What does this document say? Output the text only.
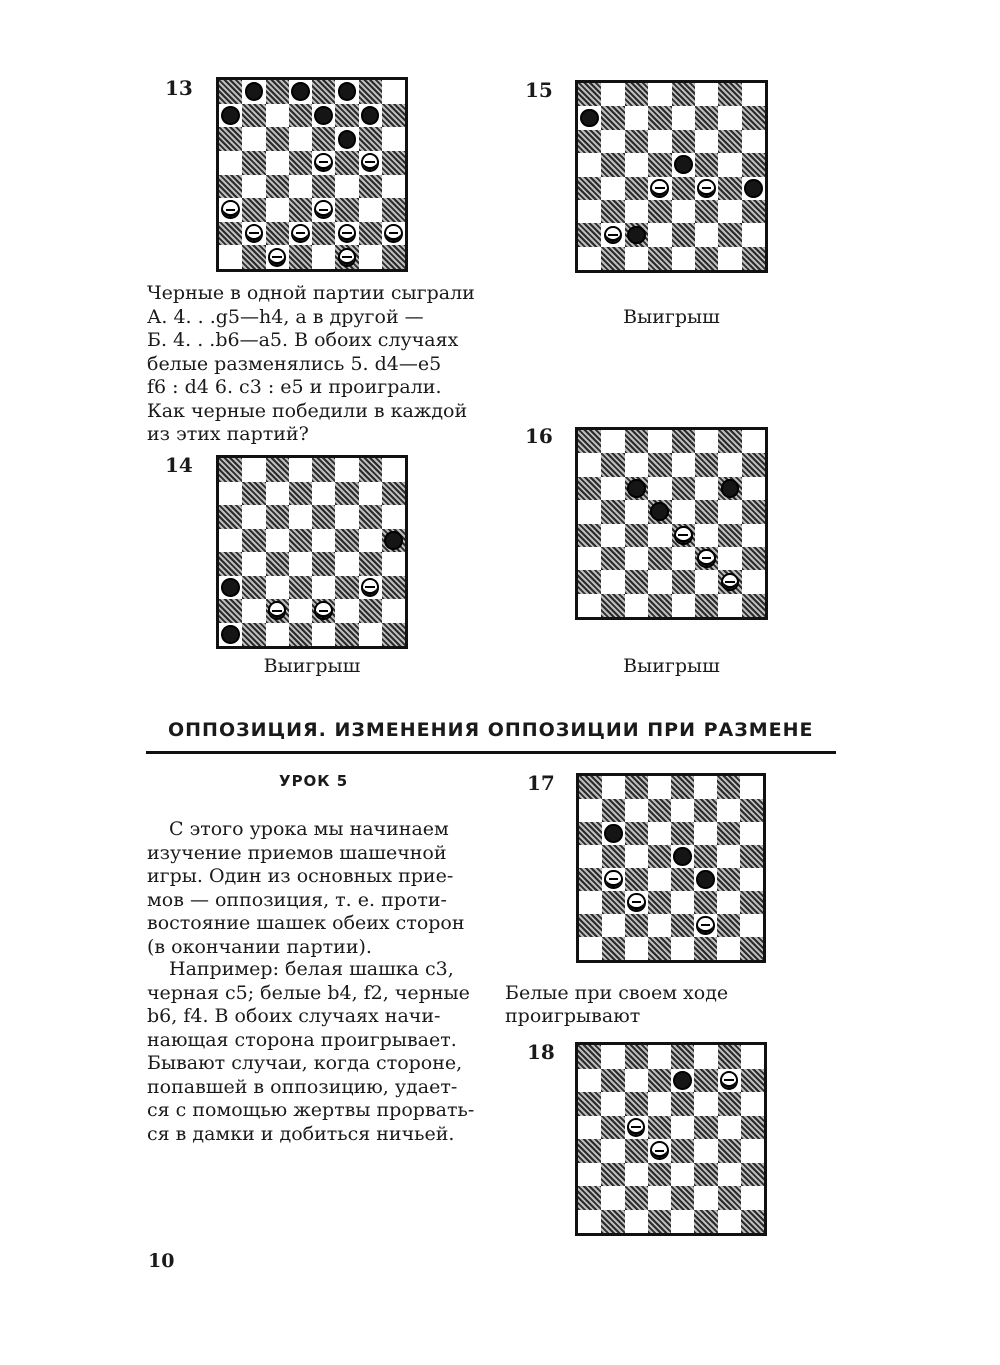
13	15
16
14
17
18
Черные в одной партии сыграли
А. 4. . .g5—h4, а в другой —
Б. 4. . .b6—a5. В обоих случаях
белые разменялись 5. d4—e5
f6 : d4 6. c3 : e5 и проиграли.
Как черные победили в каждой
из этих партий?
Выигрыш
Выигрыш	Выигрыш
Белые при своем ходе проигрывают
ОППОЗИЦИЯ. ИЗМЕНЕНИЯ ОППОЗИЦИИ ПРИ РАЗМЕНЕ
УРОК 5
С этого урока мы начинаем
изучение приемов шашечной
игры. Один из основных прие-
мов — оппозиция, т. е. проти-
востояние шашек обеих сторон
(в окончании партии).
Например: белая шашка с3,
черная с5; белые b4, f2, черные
b6, f4. В обоих случаях начи-
нающая сторона проигрывает.
Бывают случаи, когда стороне,
попавшей в оппозицию, удает-
ся с помощью жертвы прорвать-
ся в дамки и добиться ничьей.
10
